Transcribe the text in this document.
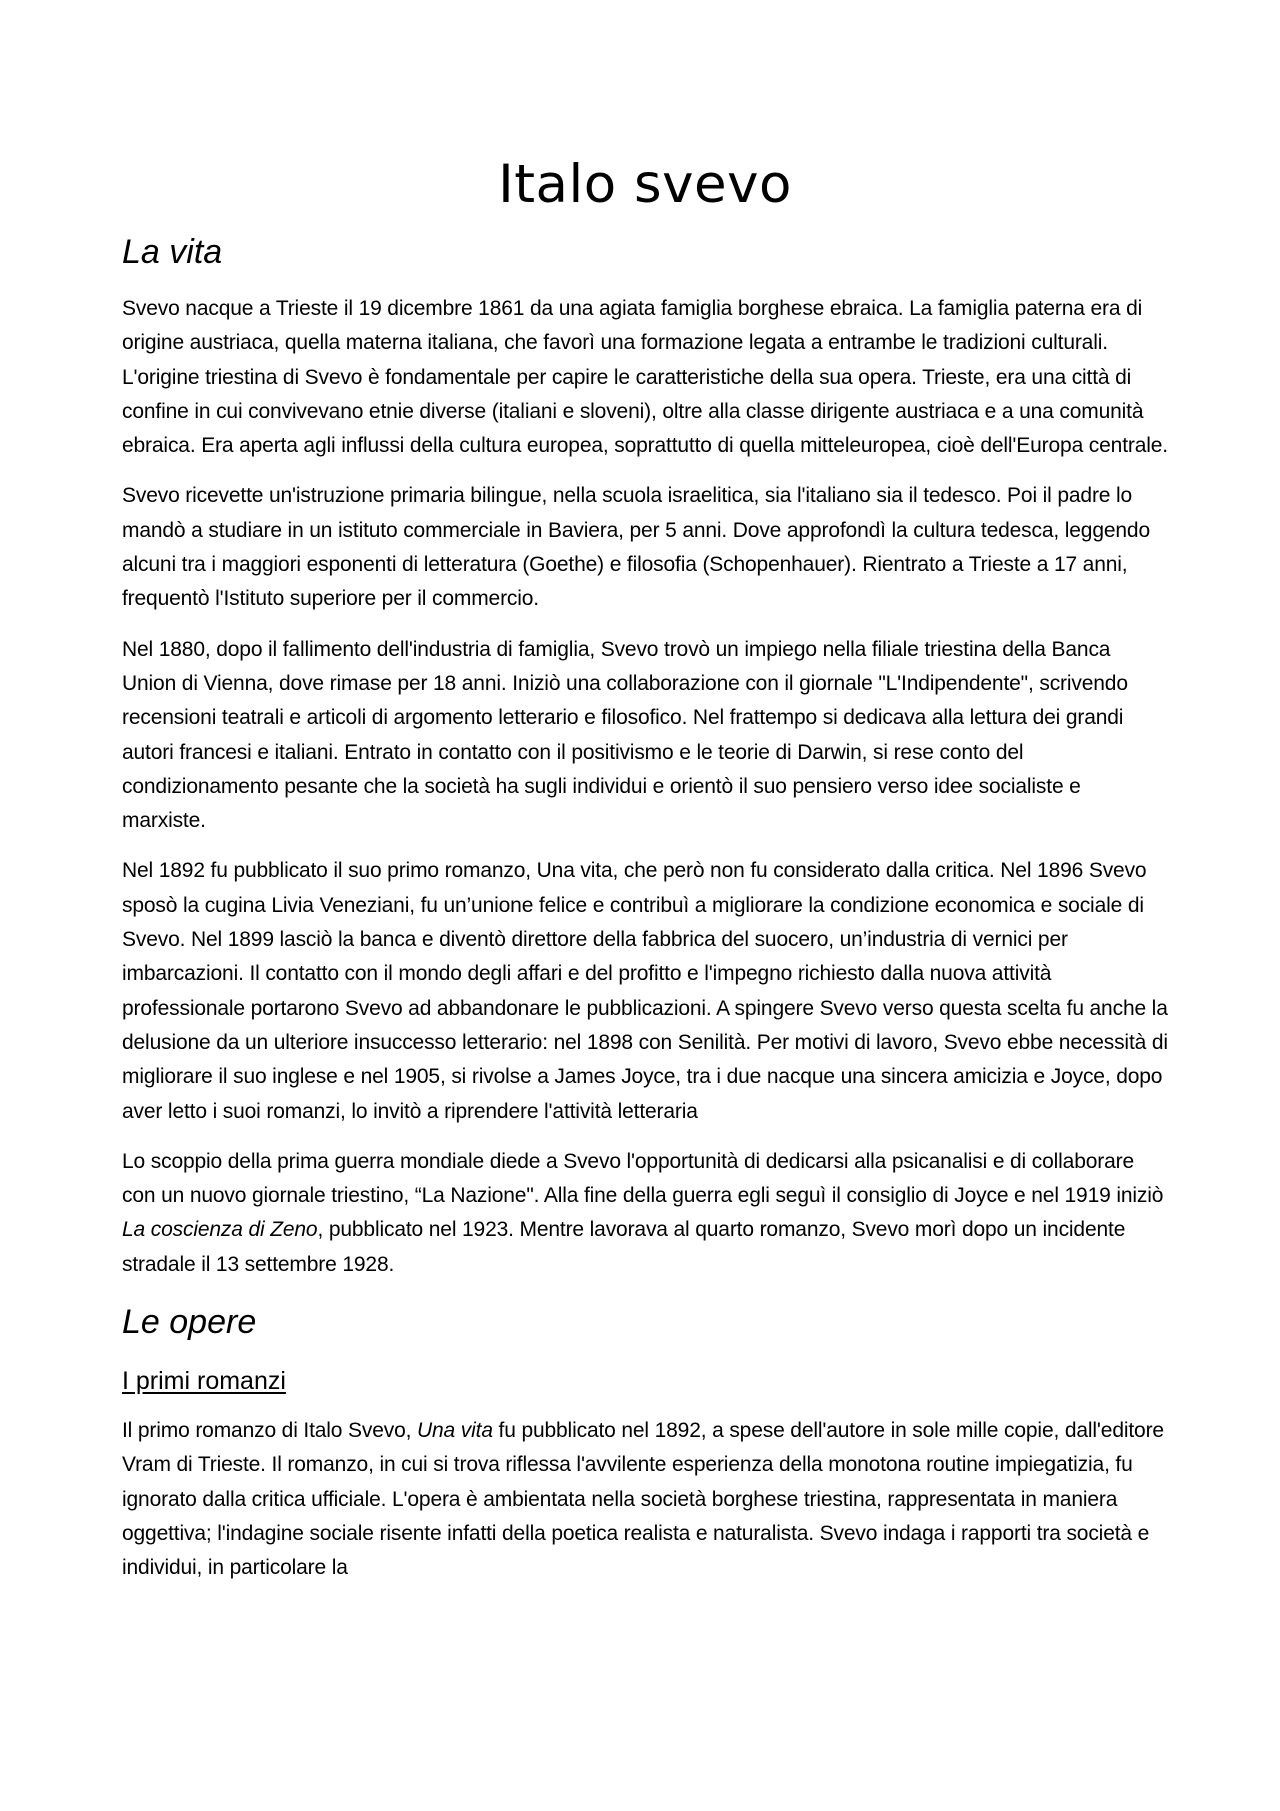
Italo svevo
La vita

Svevo nacque a Trieste il 19 dicembre 1861 da una agiata famiglia borghese ebraica. La famiglia paterna era di origine austriaca, quella materna italiana, che favorì una formazione legata a entrambe le tradizioni culturali. L'origine triestina di Svevo è fondamentale per capire le caratteristiche della sua opera. Trieste, era una città di confine in cui convivevano etnie diverse (italiani e sloveni), oltre alla classe dirigente austriaca e a una comunità ebraica. Era aperta agli influssi della cultura europea, soprattutto di quella mitteleuropea, cioè dell'Europa centrale.

Svevo ricevette un'istruzione primaria bilingue, nella scuola israelitica, sia l'italiano sia il tedesco. Poi il padre lo mandò a studiare in un istituto commerciale in Baviera, per 5 anni. Dove approfondì la cultura tedesca, leggendo alcuni tra i maggiori esponenti di letteratura (Goethe) e filosofia (Schopenhauer). Rientrato a Trieste a 17 anni, frequentò l'Istituto superiore per il commercio.

Nel 1880, dopo il fallimento dell'industria di famiglia, Svevo trovò un impiego nella filiale triestina della Banca Union di Vienna, dove rimase per 18 anni. Iniziò una collaborazione con il giornale "L'Indipendente", scrivendo recensioni teatrali e articoli di argomento letterario e filosofico. Nel frattempo si dedicava alla lettura dei grandi autori francesi e italiani. Entrato in contatto con il positivismo e le teorie di Darwin, si rese conto del condizionamento pesante che la società ha sugli individui e orientò il suo pensiero verso idee socialiste e marxiste.

Nel 1892 fu pubblicato il suo primo romanzo, Una vita, che però non fu considerato dalla critica. Nel 1896 Svevo sposò la cugina Livia Veneziani, fu un’unione felice e contribuì a migliorare la condizione economica e sociale di Svevo. Nel 1899 lasciò la banca e diventò direttore della fabbrica del suocero, un’industria di vernici per imbarcazioni. Il contatto con il mondo degli affari e del profitto e l'impegno richiesto dalla nuova attività professionale portarono Svevo ad abbandonare le pubblicazioni. A spingere Svevo verso questa scelta fu anche la delusione da un ulteriore insuccesso letterario: nel 1898 con Senilità. Per motivi di lavoro, Svevo ebbe necessità di migliorare il suo inglese e nel 1905, si rivolse a James Joyce, tra i due nacque una sincera amicizia e Joyce, dopo aver letto i suoi romanzi, lo invitò a riprendere l'attività letteraria

Lo scoppio della prima guerra mondiale diede a Svevo l'opportunità di dedicarsi alla psicanalisi e di collaborare con un nuovo giornale triestino, “La Nazione". Alla fine della guerra egli seguì il consiglio di Joyce e nel 1919 iniziò La coscienza di Zeno, pubblicato nel 1923. Mentre lavorava al quarto romanzo, Svevo morì dopo un incidente stradale il 13 settembre 1928.

Le opere
I primi romanzi

Il primo romanzo di Italo Svevo, Una vita fu pubblicato nel 1892, a spese dell'autore in sole mille copie, dall'editore Vram di Trieste. Il romanzo, in cui si trova riflessa l'avvilente esperienza della monotona routine impiegatizia, fu ignorato dalla critica ufficiale. L'opera è ambientata nella società borghese triestina, rappresentata in maniera oggettiva; l'indagine sociale risente infatti della poetica realista e naturalista. Svevo indaga i rapporti tra società e individui, in particolare la
